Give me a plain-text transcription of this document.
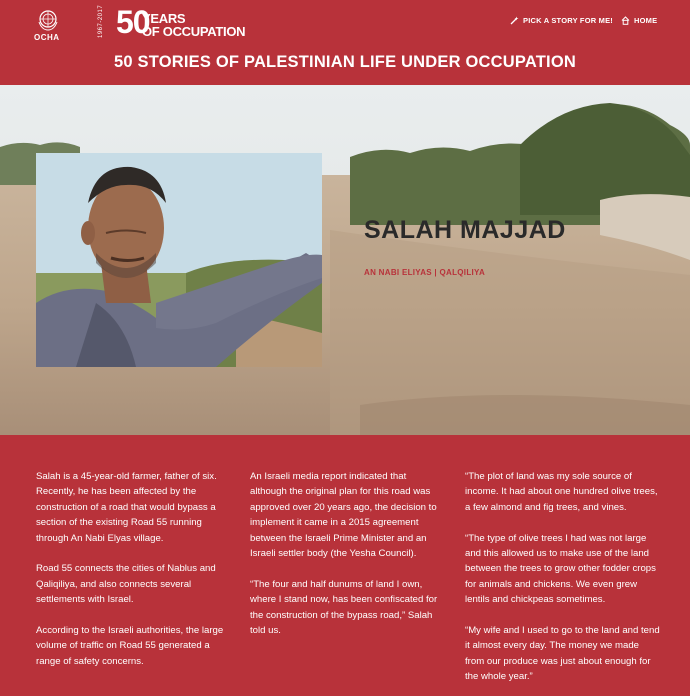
OCHA	1967-2017 50
YEARS
OF OCCUPATION
PICK A STORY FOR ME!	HOME
50 STORIES OF PALESTINIAN LIFE UNDER OCCUPATION
SALAH MAJJAD
AN NABI ELIYAS | QALQILIYA

Salah is a 45-year-old farmer, father of six. Recently, he has been affected by the construction of a road that would bypass a section of the existing Road 55 running through An Nabi Elyas village.

Road 55 connects the cities of Nablus and Qaliqiliya, and also connects several settlements with Israel.

According to the Israeli authorities, the large volume of traffic on Road 55 generated a range of safety concerns.

An Israeli media report indicated that although the original plan for this road was approved over 20 years ago, the decision to implement it came in a 2015 agreement between the Israeli Prime Minister and an Israeli settler body (the Yesha Council).

“The four and half dunums of land I own, where I stand now, has been confiscated for the construction of the bypass road,” Salah told us.

“The plot of land was my sole source of income. It had about one hundred olive trees, a few almond and fig trees, and vines.

“The type of olive trees I had was not large and this allowed us to make use of the land between the trees to grow other fodder crops for animals and chickens. We even grew lentils and chickpeas sometimes.

“My wife and I used to go to the land and tend it almost every day. The money we made from our produce was just about enough for the whole year.”
